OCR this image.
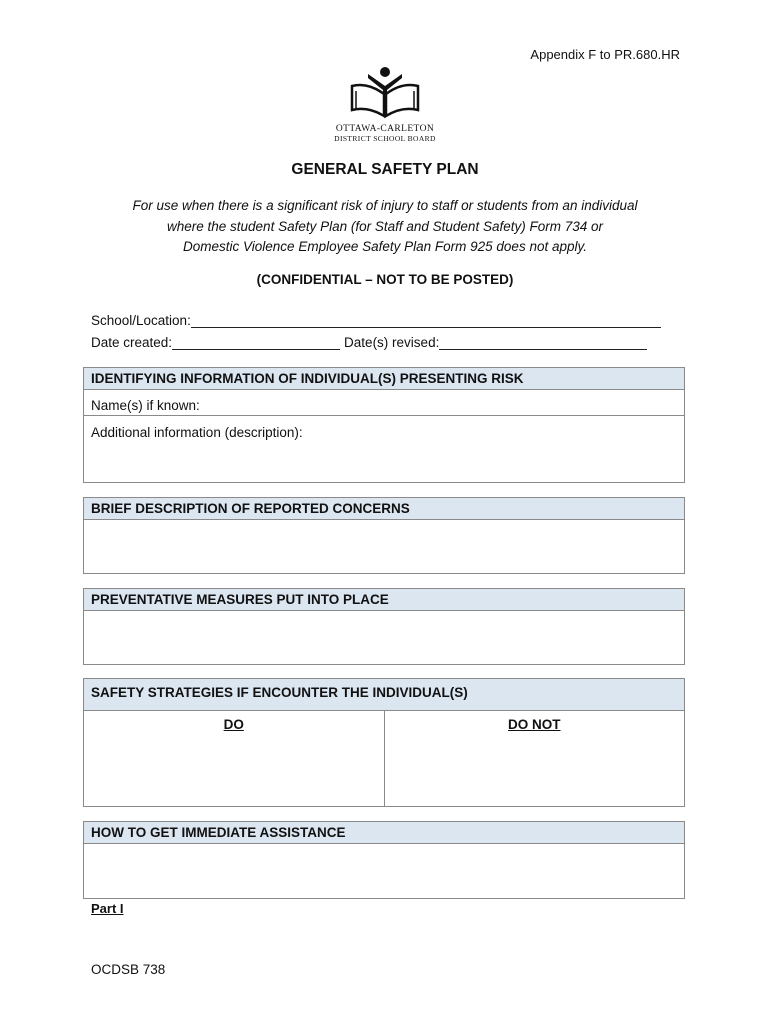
Appendix F to PR.680.HR
OTTAWA-CARLETON
DISTRICT SCHOOL BOARD
GENERAL SAFETY PLAN
For use when there is a significant risk of injury to staff or students from an individual
where the student Safety Plan (for Staff and Student Safety) Form 734 or
Domestic Violence Employee Safety Plan Form 925 does not apply.
(CONFIDENTIAL – NOT TO BE POSTED)
School/Location:
Date created:	Date(s) revised:
IDENTIFYING INFORMATION OF INDIVIDUAL(S) PRESENTING RISK
Name(s) if known:
Additional information (description):
BRIEF DESCRIPTION OF REPORTED CONCERNS
PREVENTATIVE MEASURES PUT INTO PLACE
SAFETY STRATEGIES IF ENCOUNTER THE INDIVIDUAL(S)
DO	DO NOT
HOW TO GET IMMEDIATE ASSISTANCE
Part I
OCDSB 738
